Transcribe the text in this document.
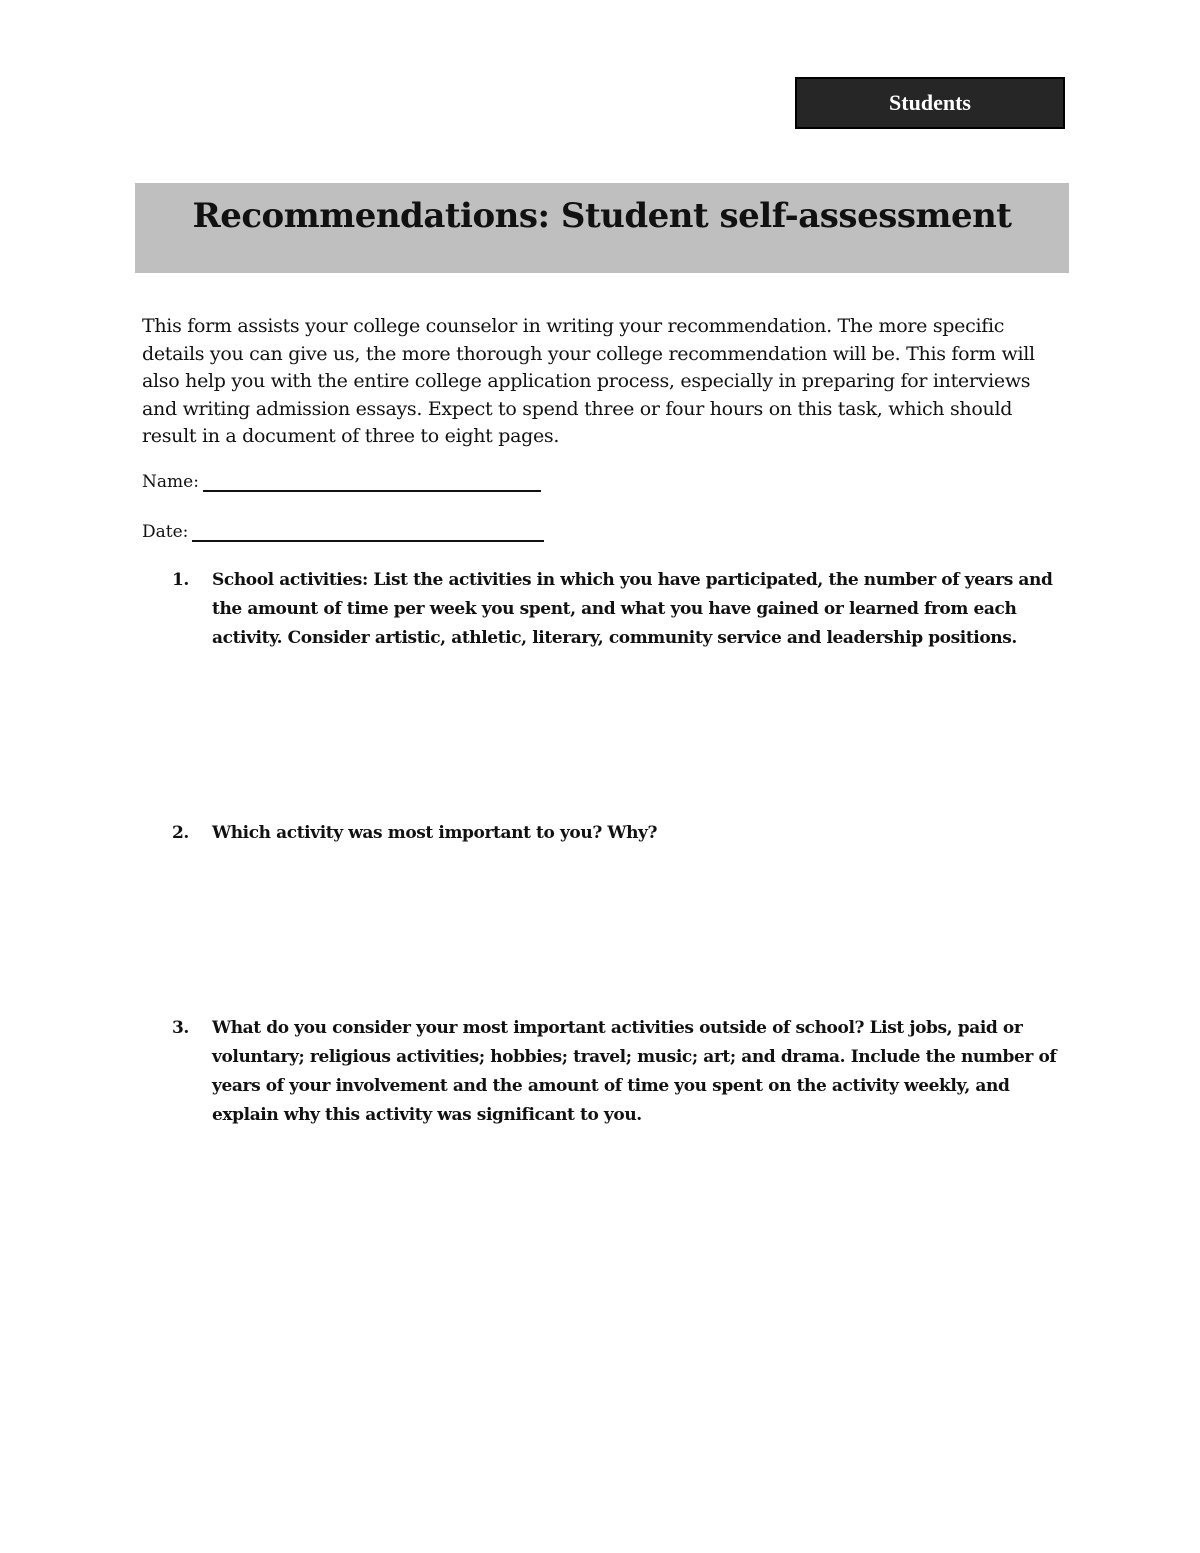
Students
Recommendations: Student self-assessment

This form assists your college counselor in writing your recommendation. The more specific details you can give us, the more thorough your college recommendation will be. This form will also help you with the entire college application process, especially in preparing for interviews and writing admission essays. Expect to spend three or four hours on this task, which should result in a document of three to eight pages.

Name:
Date:
1.	School activities: List the activities in which you have participated, the number of years and the amount of time per week you spent, and what you have gained or learned from each activity. Consider artistic, athletic, literary, community service and leadership positions.
2.	Which activity was most important to you? Why?
3.	What do you consider your most important activities outside of school? List jobs, paid or voluntary; religious activities; hobbies; travel; music; art; and drama. Include the number of years of your involvement and the amount of time you spent on the activity weekly, and explain why this activity was significant to you.
